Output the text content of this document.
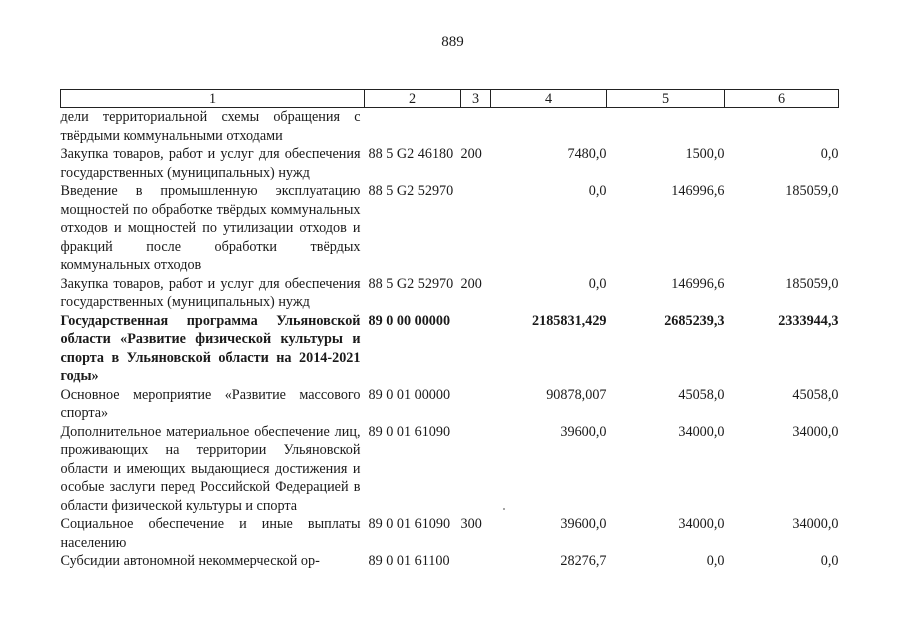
889
1	2	3	4	5	6
дели территориальной схемы обращения с твёрдыми коммунальными отходами					
Закупка товаров, работ и услуг для обеспечения государственных (муниципальных) нужд	88 5 G2 46180	200	7480,0	1500,0	0,0
Введение в промышленную эксплуатацию мощностей по обработке твёрдых коммунальных отходов и мощностей по утилизации отходов и фракций после обработки твёрдых коммунальных отходов	88 5 G2 52970		0,0	146996,6	185059,0
Закупка товаров, работ и услуг для обеспечения государственных (муниципальных) нужд	88 5 G2 52970	200	0,0	146996,6	185059,0
Государственная программа Ульяновской области «Развитие физической культуры и спорта в Ульяновской области на 2014-2021 годы»	89 0 00 00000		2185831,429	2685239,3	2333944,3
Основное мероприятие «Развитие массового спорта»	89 0 01 00000		90878,007	45058,0	45058,0
Дополнительное материальное обеспечение лиц, проживающих на территории Ульяновской области и имеющих выдающиеся достижения и особые заслуги перед Российской Федерацией в области физической культуры и спорта	89 0 01 61090		39600,0	34000,0	34000,0
Социальное обеспечение и иные выплаты населению	89 0 01 61090	300	39600,0	34000,0	34000,0
Субсидии автономной некоммерческой ор-	89 0 01 61100		28276,7	0,0	0,0
